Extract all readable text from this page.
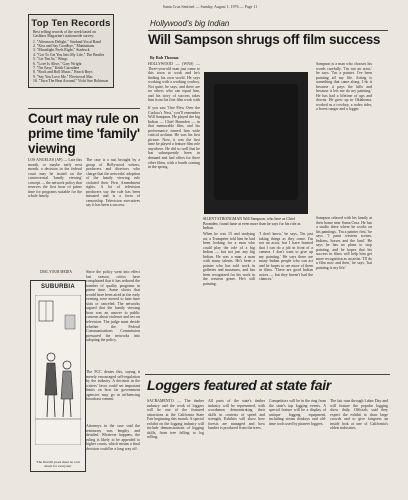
Santa Cruz Sentinel — Sunday, August 1, 1976 — Page 11
Top Ten Records
Best selling records of the week based on Cashbox Magazine's nationwide survey:
1. "Afternoon Delight," Starland Vocal Band
2. "Kiss and Say Goodbye," Manhattans
3. "Moonlight Feels Right," Starbuck
4. "Got To Get You Into My Life," The Beatles
5. "Let 'Em In," Wings
6. "Love Is Alive," Gary Wright
7. "I'm Easy," Keith Carradine
8. "Rock and Roll Music," Beach Boys
9. "Say You Love Me," Fleetwood Mac
10. "Turn The Beat Around," Vicki Sue Robinson
Hollywood's big Indian
Will Sampson shrugs off film success
By Bob Thomas
HOLLYWOOD — (WNS) — Three-year-old man just came to this town to work and he's finding his own world. He says working with a working cowboy. Not quite, he says, and there are no others who can equal him, and his story of success takes him from his first film work with
If you saw 'One Flew Over the Cuckoo's Nest,' you'll remember Will Sampson. He played the big Indian — Chief Bromden — in that memorable film, and his performance earned him wide critical acclaim. He was his first picture. Now, it was the first time he played a feature film role anywhere. He did so well that he has subsequently been in demand and had offers for three other films, with a fourth coming in the spring.
Sampson is a man who chooses his words carefully. 'I'm not an actor,' he says. 'I'm a painter. I've been painting all my life. Acting is something that came along. I do it because it pays the bills and because it lets me do my painting.' He has had a lifetime of ups and downs. He grew up in Oklahoma, worked as a cowboy, a rodeo rider, a forest ranger and a logger.
SILENT STRONGMAN Will Sampson, who here as Chief Bromden, found fame at even more than he says for his role as Indian.
When he was 15 and studying art, a Trumpeter told him he had been looking for a man who could play the role of a big Indian — but not just any big Indian. He was a man, a man with many talents. He's been a painter who has sold work in galleries and museums, and has been recognized for his work in the western genre. He's still painting.
'I don't know,' he says, 'I'm just taking things as they come. I'm not an actor, but I have learned that I can do a job in front of a camera. I don't want to give up my painting.' He says there are many Indian people who can act and he hopes to see more of them in films. 'There are good Indian actors — but they haven't had the chances.'
Sampson relaxed with his family at their home near Santa Cruz. He has a studio there where he works on his paintings. 'I'm a painter first,' he says. 'I paint western scenes, Indians, horses and the land.' He says he has no plans to stop painting, and he hopes that his success in films will help him get more recognition as an artist. 'I'll do a film now and then,' he says, 'but painting is my life.'
Court may rule on prime time 'family' viewing
LOS ANGELES (AP) — Late this month, or maybe early next month, a decision in the federal court may be issued on the controversial 'family viewing' concept — the network policy that reserves the first hour of prime time for programs suitable for the whole family.
The case is a suit brought by a group of Hollywood writers, producers and directors who charge that the networks' adoption of the family viewing rule violated their First Amendment rights. A lot of television producers say the rule has been misused and is a form of censorship. Television executives say it has been a success.
Since the policy went into effect last season, critics have complained that it has reduced the number of quality programs in prime time. Some shows that would have been aired in the early evening were moved to later time slots or canceled. The networks argued that the family viewing hour was an answer to public concern about violence and sex on television. The judge must decide whether the Federal Communications Commission pressured the networks into adopting the policy.
The FCC denies this, saying it merely encouraged self-regulation by the industry. A decision in the writers' favor could set important limits on how far government agencies may go in influencing broadcast content.
Attorneys in the case said the testimony was lengthy and detailed. Whatever happens, the ruling is likely to be appealed to higher courts, which means a final decision could be a long way off.
DIAL YOUR MEDIA
SUBURBIA
'The first 60 years must be a bit much for everyone'
Loggers featured at state fair
SACRAMENTO — The timber industry and the work of loggers will be one of the featured attractions at the California State Fair beginning this month. A special exhibit on the logging industry will include demonstrations of logging skills, from tree felling to log rolling.
All parts of the state's timber industry will be represented, with woodsmen demonstrating their skills in contests of speed and strength. Exhibits will show how forests are managed and how lumber is produced from the trees.
Competitors will be in the ring from the state's top logging events. A special feature will be a display of antique logging equipment, including steam donkeys and old-time tools used by pioneer loggers.
The fair runs through Labor Day and will feature the popular logging show daily. Officials said they expect the exhibit to draw large crowds and to give fairgoers an inside look at one of California's oldest industries.
